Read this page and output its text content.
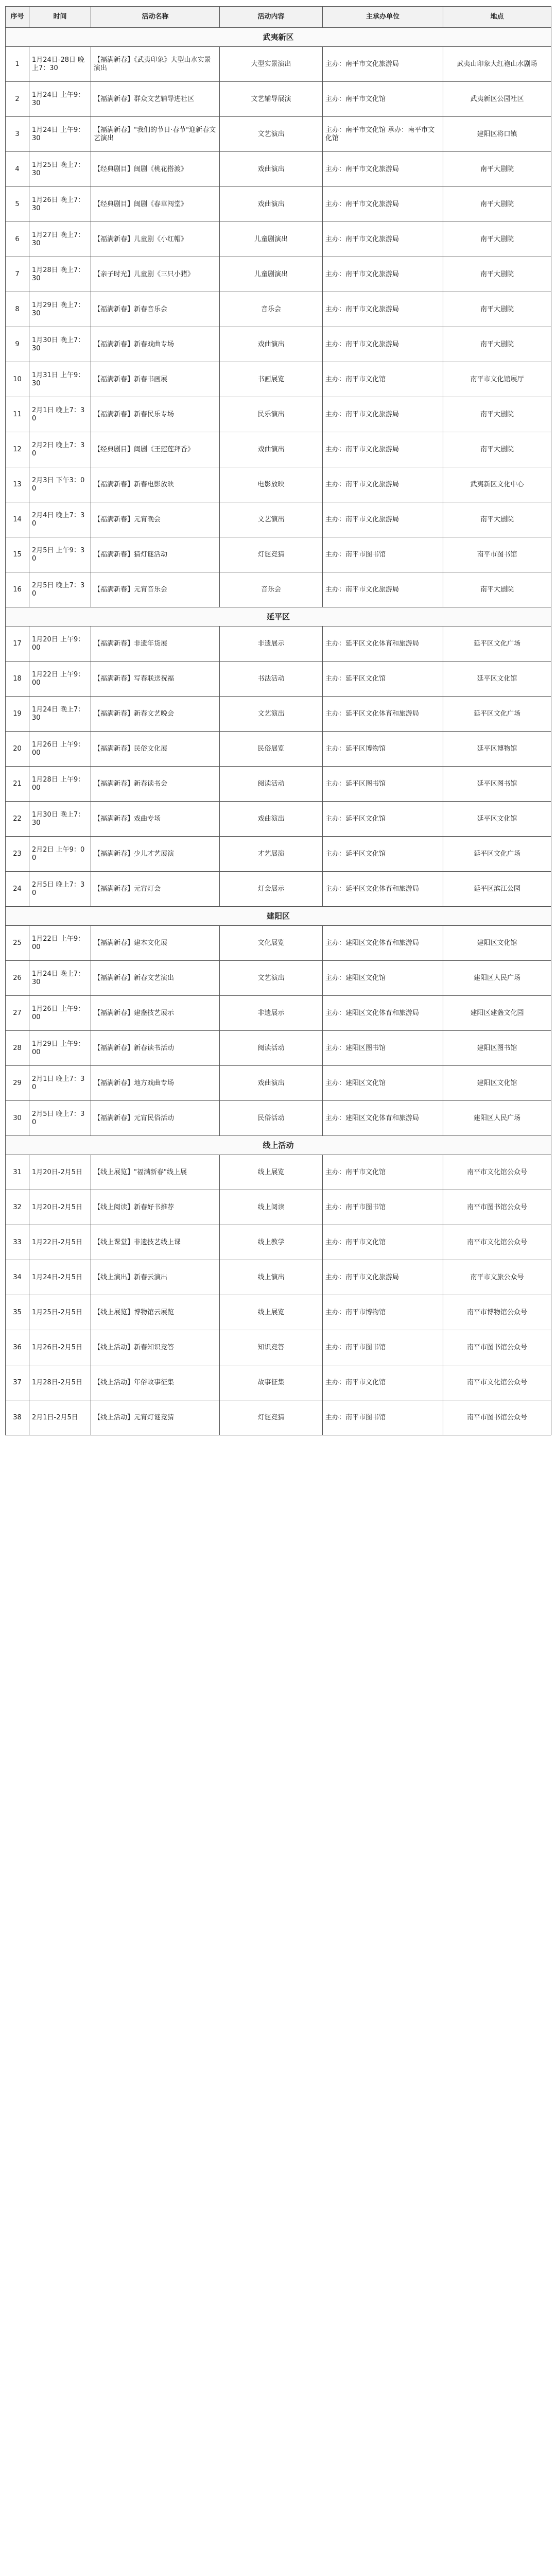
序号	时间	活动名称	活动内容	主承办单位	地点
武夷新区					
1	1月24日-28日 晚上7：30	【福满新春】《武夷印象》大型山水实景演出	大型实景演出	主办：南平市文化旅游局	武夷山印象大红袍山水剧场
2	1月24日 上午9：30	【福满新春】群众文艺辅导进社区	文艺辅导展演	主办：南平市文化馆	武夷新区公园社区
3	1月24日 上午9：30	【福满新春】"我们的节日·春节"迎新春文艺演出	文艺演出	主办：南平市文化馆 承办：南平市文化馆	建阳区将口镇
4	1月25日 晚上7：30	【经典剧目】闽剧《桃花搭渡》	戏曲演出	主办：南平市文化旅游局	南平大剧院
5	1月26日 晚上7：30	【经典剧目】闽剧《春草闯堂》	戏曲演出	主办：南平市文化旅游局	南平大剧院
6	1月27日 晚上7：30	【福满新春】儿童剧《小红帽》	儿童剧演出	主办：南平市文化旅游局	南平大剧院
7	1月28日 晚上7：30	【亲子时光】儿童剧《三只小猪》	儿童剧演出	主办：南平市文化旅游局	南平大剧院
8	1月29日 晚上7：30	【福满新春】新春音乐会	音乐会	主办：南平市文化旅游局	南平大剧院
9	1月30日 晚上7：30	【福满新春】新春戏曲专场	戏曲演出	主办：南平市文化旅游局	南平大剧院
10	1月31日 上午9：30	【福满新春】新春书画展	书画展览	主办：南平市文化馆	南平市文化馆展厅
11	2月1日 晚上7：30	【福满新春】新春民乐专场	民乐演出	主办：南平市文化旅游局	南平大剧院
12	2月2日 晚上7：30	【经典剧目】闽剧《王莲莲拜香》	戏曲演出	主办：南平市文化旅游局	南平大剧院
13	2月3日 下午3：00	【福满新春】新春电影放映	电影放映	主办：南平市文化旅游局	武夷新区文化中心
14	2月4日 晚上7：30	【福满新春】元宵晚会	文艺演出	主办：南平市文化旅游局	南平大剧院
15	2月5日 上午9：30	【福满新春】猜灯谜活动	灯谜竞猜	主办：南平市图书馆	南平市图书馆
16	2月5日 晚上7：30	【福满新春】元宵音乐会	音乐会	主办：南平市文化旅游局	南平大剧院
延平区					
17	1月20日 上午9：00	【福满新春】非遗年货展	非遗展示	主办：延平区文化体育和旅游局	延平区文化广场
18	1月22日 上午9：00	【福满新春】写春联送祝福	书法活动	主办：延平区文化馆	延平区文化馆
19	1月24日 晚上7：30	【福满新春】新春文艺晚会	文艺演出	主办：延平区文化体育和旅游局	延平区文化广场
20	1月26日 上午9：00	【福满新春】民俗文化展	民俗展览	主办：延平区博物馆	延平区博物馆
21	1月28日 上午9：00	【福满新春】新春读书会	阅读活动	主办：延平区图书馆	延平区图书馆
22	1月30日 晚上7：30	【福满新春】戏曲专场	戏曲演出	主办：延平区文化馆	延平区文化馆
23	2月2日 上午9：00	【福满新春】少儿才艺展演	才艺展演	主办：延平区文化馆	延平区文化广场
24	2月5日 晚上7：30	【福满新春】元宵灯会	灯会展示	主办：延平区文化体育和旅游局	延平区滨江公园
建阳区					
25	1月22日 上午9：00	【福满新春】建本文化展	文化展览	主办：建阳区文化体育和旅游局	建阳区文化馆
26	1月24日 晚上7：30	【福满新春】新春文艺演出	文艺演出	主办：建阳区文化馆	建阳区人民广场
27	1月26日 上午9：00	【福满新春】建盏技艺展示	非遗展示	主办：建阳区文化体育和旅游局	建阳区建盏文化园
28	1月29日 上午9：00	【福满新春】新春读书活动	阅读活动	主办：建阳区图书馆	建阳区图书馆
29	2月1日 晚上7：30	【福满新春】地方戏曲专场	戏曲演出	主办：建阳区文化馆	建阳区文化馆
30	2月5日 晚上7：30	【福满新春】元宵民俗活动	民俗活动	主办：建阳区文化体育和旅游局	建阳区人民广场
线上活动					
31	1月20日-2月5日	【线上展览】"福满新春"线上展	线上展览	主办：南平市文化馆	南平市文化馆公众号
32	1月20日-2月5日	【线上阅读】新春好书推荐	线上阅读	主办：南平市图书馆	南平市图书馆公众号
33	1月22日-2月5日	【线上课堂】非遗技艺线上课	线上教学	主办：南平市文化馆	南平市文化馆公众号
34	1月24日-2月5日	【线上演出】新春云演出	线上演出	主办：南平市文化旅游局	南平市文旅公众号
35	1月25日-2月5日	【线上展览】博物馆云展览	线上展览	主办：南平市博物馆	南平市博物馆公众号
36	1月26日-2月5日	【线上活动】新春知识竞答	知识竞答	主办：南平市图书馆	南平市图书馆公众号
37	1月28日-2月5日	【线上活动】年俗故事征集	故事征集	主办：南平市文化馆	南平市文化馆公众号
38	2月1日-2月5日	【线上活动】元宵灯谜竞猜	灯谜竞猜	主办：南平市图书馆	南平市图书馆公众号
